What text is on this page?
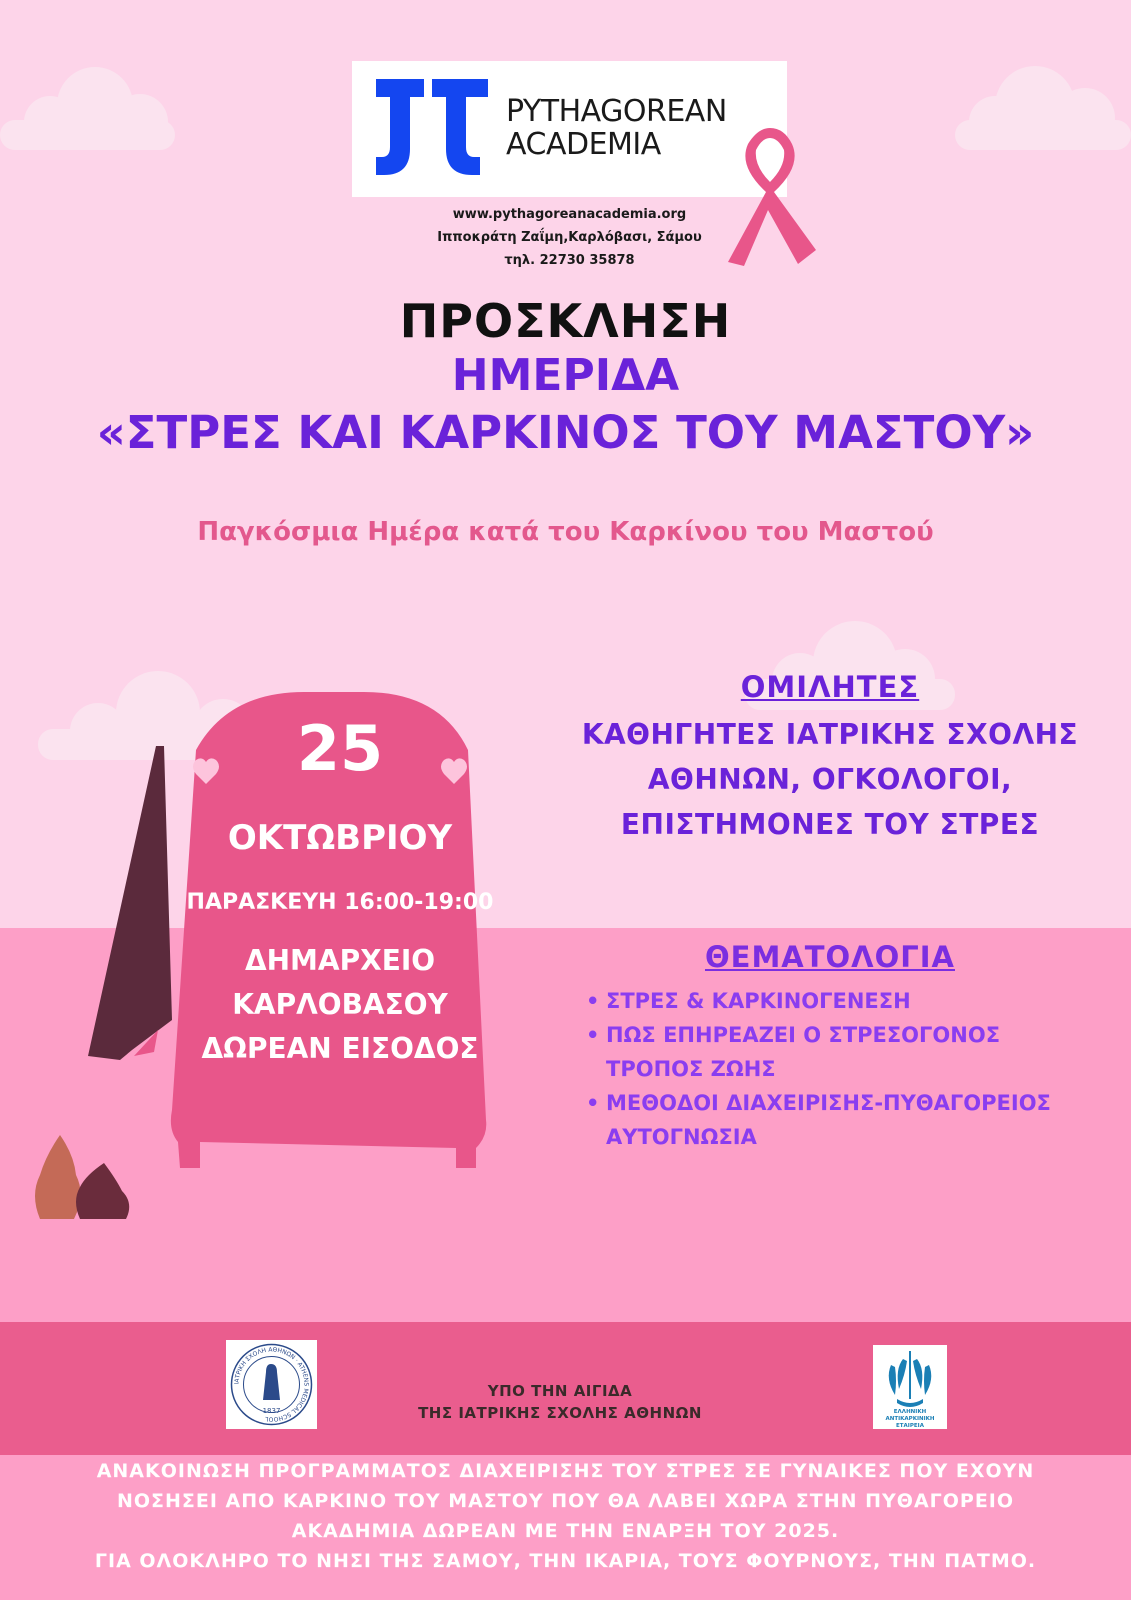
PYTHAGOREAN
ACADEMIA
www.pythagoreanacademia.org
Ιπποκράτη Ζαΐμη,Καρλόβασι, Σάμου
τηλ. 22730 35878
ΠΡΟΣΚΛΗΣΗ
ΗΜΕΡΙΔΑ
«ΣΤΡΕΣ ΚΑΙ ΚΑΡΚΙΝΟΣ ΤΟΥ ΜΑΣΤΟΥ»
Παγκόσμια Ημέρα κατά του Καρκίνου του Μαστού
25
ΟΚΤΩΒΡΙΟΥ
ΠΑΡΑΣΚΕΥΗ 16:00-19:00
ΔΗΜΑΡΧΕΙΟ
ΚΑΡΛΟΒΑΣΟΥ
ΔΩΡΕΑΝ ΕΙΣΟΔΟΣ
ΟΜΙΛΗΤΕΣ
ΚΑΘΗΓΗΤΕΣ ΙΑΤΡΙΚΗΣ ΣΧΟΛΗΣ
ΑΘΗΝΩΝ, ΟΓΚΟΛΟΓΟΙ,
ΕΠΙΣΤΗΜΟΝΕΣ ΤΟΥ ΣΤΡΕΣ
ΘΕΜΑΤΟΛΟΓΙΑ
• ΣΤΡΕΣ & ΚΑΡΚΙΝΟΓΕΝΕΣΗ
• ΠΩΣ ΕΠΗΡΕΑΖΕΙ Ο ΣΤΡΕΣΟΓΟΝΟΣ ΤΡΟΠΟΣ ΖΩΗΣ
• ΜΕΘΟΔΟΙ ΔΙΑΧΕΙΡΙΣΗΣ-ΠΥΘΑΓΟΡΕΙΟΣ ΑΥΤΟΓΝΩΣΙΑ
ΙΑΤΡΙΚΗ ΣΧΟΛΗ ΑΘΗΝΩΝ · ATHENS MEDICAL SCHOOL
1837
ΥΠΟ ΤΗΝ ΑΙΓΙΔΑ
ΤΗΣ ΙΑΤΡΙΚΗΣ ΣΧΟΛΗΣ ΑΘΗΝΩΝ	ΕΛΛΗΝΙΚΗ
ΑΝΤΙΚΑΡΚΙΝΙΚΗ
ΕΤΑΙΡΕΙΑ
ΑΝΑΚΟΙΝΩΣΗ ΠΡΟΓΡΑΜΜΑΤΟΣ ΔΙΑΧΕΙΡΙΣΗΣ ΤΟΥ ΣΤΡΕΣ ΣΕ ΓΥΝΑΙΚΕΣ ΠΟΥ ΕΧΟΥΝ
ΝΟΣΗΣΕΙ ΑΠΟ ΚΑΡΚΙΝΟ ΤΟΥ ΜΑΣΤΟΥ ΠΟΥ ΘΑ ΛΑΒΕΙ ΧΩΡΑ ΣΤΗΝ ΠΥΘΑΓΟΡΕΙΟ
ΑΚΑΔΗΜΙΑ ΔΩΡΕΑΝ ΜΕ ΤΗΝ ΕΝΑΡΞΗ ΤΟΥ 2025.
ΓΙΑ ΟΛΟΚΛΗΡΟ ΤΟ ΝΗΣΙ ΤΗΣ ΣΑΜΟΥ, ΤΗΝ ΙΚΑΡΙΑ, ΤΟΥΣ ΦΟΥΡΝΟΥΣ, ΤΗΝ ΠΑΤΜΟ.
